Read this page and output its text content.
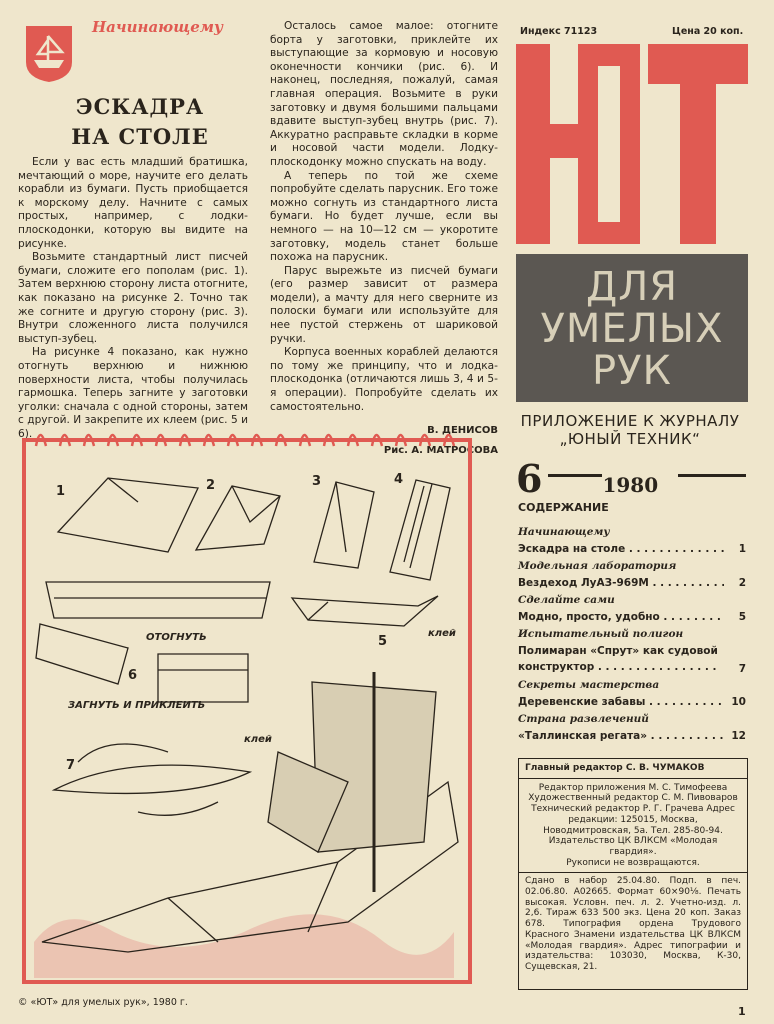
Начинающему
ЭСКАДРА
НА СТОЛЕ

Если у вас есть младший братишка, мечтающий о море, научите его делать корабли из бумаги. Пусть приобщается к морскому делу. Начните с самых простых, например, с лодки-плоскодонки, которую вы видите на рисунке.

Возьмите стандартный лист писчей бумаги, сложите его пополам (рис. 1). Затем верхнюю сторону листа отогните, как показано на рисунке 2. Точно так же согните и другую сторону (рис. 3). Внутри сложенного листа получился выступ-зубец.

На рисунке 4 показано, как нужно отогнуть верхнюю и нижнюю поверхности листа, чтобы получилась гармошка. Теперь загните у заготовки уголки: сначала с одной стороны, затем с другой. И закрепите их клеем (рис. 5 и 6).

Осталось самое малое: отогните борта у заготовки, приклейте их выступающие за кормовую и носовую оконечности кончики (рис. 6). И наконец, последняя, пожалуй, самая главная операция. Возьмите в руки заготовку и двумя большими пальцами вдавите выступ-зубец внутрь (рис. 7). Аккуратно расправьте складки в корме и носовой части модели. Лодку-плоскодонку можно спускать на воду.

А теперь по той же схеме попробуйте сделать парусник. Его тоже можно согнуть из стандартного листа бумаги. Но будет лучше, если вы немного — на 10—12 см — укоротите заготовку, модель станет больше похожа на парусник.

Парус вырежьте из писчей бумаги (его размер зависит от размера модели), а мачту для него сверните из полоски бумаги или используйте для нее пустой стержень от шариковой ручки.

Корпуса военных кораблей делаются по тому же принципу, что и лодка-плоскодонка (отличаются лишь 3, 4 и 5-я операции). Попробуйте сделать их самостоятельно.

В. ДЕНИСОВ
Рис. А. МАТРОСОВА
Индекс 71123	Цена 20 коп.
ДЛЯ
УМЕЛЫХ
РУК
ПРИЛОЖЕНИЕ К ЖУРНАЛУ
„ЮНЫЙ ТЕХНИК“
6	1980
СОДЕРЖАНИЕ
Начинающему
Эскадра на столе . . .	1
Модельная лаборатория
Вездеход ЛуАЗ-969М . . .	2
Сделайте сами
Модно, просто, удобно . . .	5
Испытательный полигон
Полимаран «Спрут» как судовой конструктор . . .	7
Секреты мастерства
Деревенские забавы . . .	10
Страна развлечений
«Таллинская регата» . . .	12
Главный редактор С. В. ЧУМАКОВ
Редактор приложения М. С. Тимофеева Художественный редактор С. М. Пивоваров Технический редактор Р. Г. Грачева Адрес редакции: 125015, Москва, Новодмитровская, 5а. Тел. 285-80-94. Издательство ЦК ВЛКСМ «Молодая гвардия».
Рукописи не возвращаются.
Сдано в набор 25.04.80. Подп. в печ. 02.06.80. А02665. Формат 60×90⅛. Печать высокая. Условн. печ. л. 2. Учетно-изд. л. 2,6. Тираж 633 500 экз. Цена 20 коп. Заказ 678. Типография ордена Трудового Красного Знамени издательства ЦК ВЛКСМ «Молодая гвардия». Адрес типографии и издательства: 103030, Москва, К-30, Сущевская, 21.
1	2	3	4
5
6
7
ОТОГНУТЬ
ЗАГНУТЬ И ПРИКЛЕИТЬ
клей
клей
© «ЮТ» для умелых рук», 1980 г.
1
